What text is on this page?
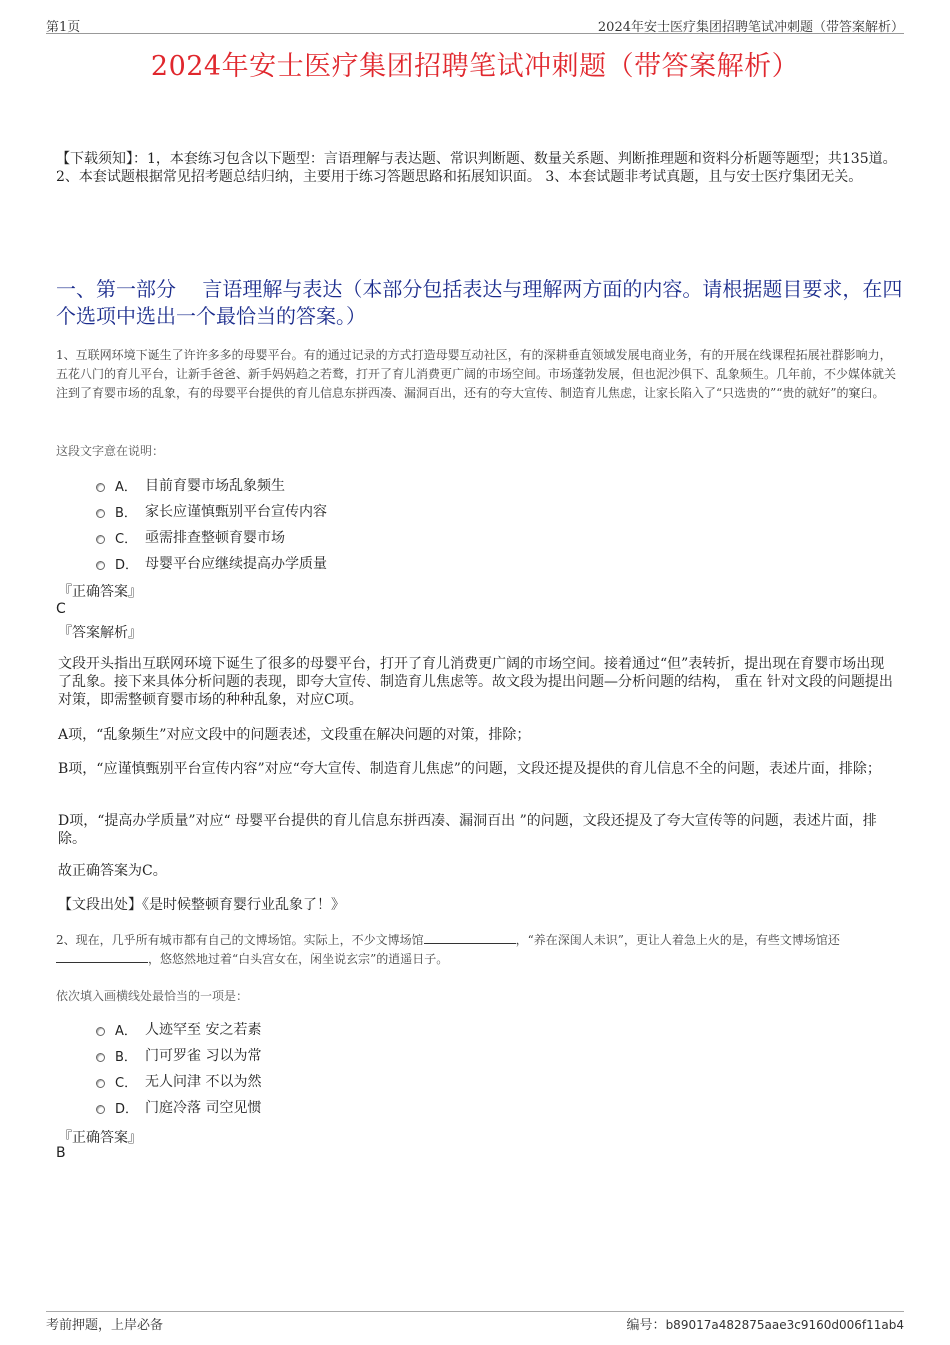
第1页	2024年安士医疗集团招聘笔试冲刺题（带答案解析）
2024年安士医疗集团招聘笔试冲刺题（带答案解析）
【下载须知】：1，本套练习包含以下题型：言语理解与表达题、常识判断题、数量关系题、判断推理题和资料分析题等题型；共135道。 2、本套试题根据常见招考题总结归纳，主要用于练习答题思路和拓展知识面。 3、本套试题非考试真题，且与安士医疗集团无关。
一、第一部分　 言语理解与表达（本部分包括表达与理解两方面的内容。请根据题目要求，在四个选项中选出一个最恰当的答案。）
1、互联网环境下诞生了许许多多的母婴平台。有的通过记录的方式打造母婴互动社区，有的深耕垂直领域发展电商业务，有的开展在线课程拓展社群影响力，五花八门的育儿平台，让新手爸爸、新手妈妈趋之若鹜，打开了育儿消费更广阔的市场空间。市场蓬勃发展，但也泥沙俱下、乱象频生。几年前，不少媒体就关注到了育婴市场的乱象，有的母婴平台提供的育儿信息东拼西凑、漏洞百出，还有的夸大宣传、制造育儿焦虑，让家长陷入了“只选贵的”“贵的就好”的窠臼。
这段文字意在说明：
A． 目前育婴市场乱象频生
B． 家长应谨慎甄别平台宣传内容
C． 亟需排查整顿育婴市场
D． 母婴平台应继续提高办学质量
『正确答案』
C
『答案解析』
文段开头指出互联网环境下诞生了很多的母婴平台，打开了育儿消费更广阔的市场空间。接着通过“但”表转折，提出现在育婴市场出现了乱象。接下来具体分析问题的表现，即夸大宣传、制造育儿焦虑等。故文段为提出问题—分析问题的结构， 重在 针对文段的问题提出对策，即需整顿育婴市场的种种乱象，对应C项。
A项，“乱象频生”对应文段中的问题表述，文段重在解决问题的对策，排除；
B项，“应谨慎甄别平台宣传内容”对应“夸大宣传、制造育儿焦虑”的问题，文段还提及提供的育儿信息不全的问题，表述片面，排除；
D项，“提高办学质量”对应“ 母婴平台提供的育儿信息东拼西凑、漏洞百出 ”的问题，文段还提及了夸大宣传等的问题，表述片面，排除。
故正确答案为C。
【文段出处】《是时候整顿育婴行业乱象了！》
2、现在，几乎所有城市都有自己的文博场馆。实际上，不少文博场馆	，“养在深闺人未识”，更让人着急上火的是，有些文博场馆还，悠悠然地过着“白头宫女在，闲坐说玄宗”的逍遥日子。
依次填入画横线处最恰当的一项是：
A． 人迹罕至 安之若素
B． 门可罗雀 习以为常
C． 无人问津 不以为然
D． 门庭冷落 司空见惯
『正确答案』
B
考前押题，上岸必备	编号：b89017a482875aae3c9160d006f11ab4
